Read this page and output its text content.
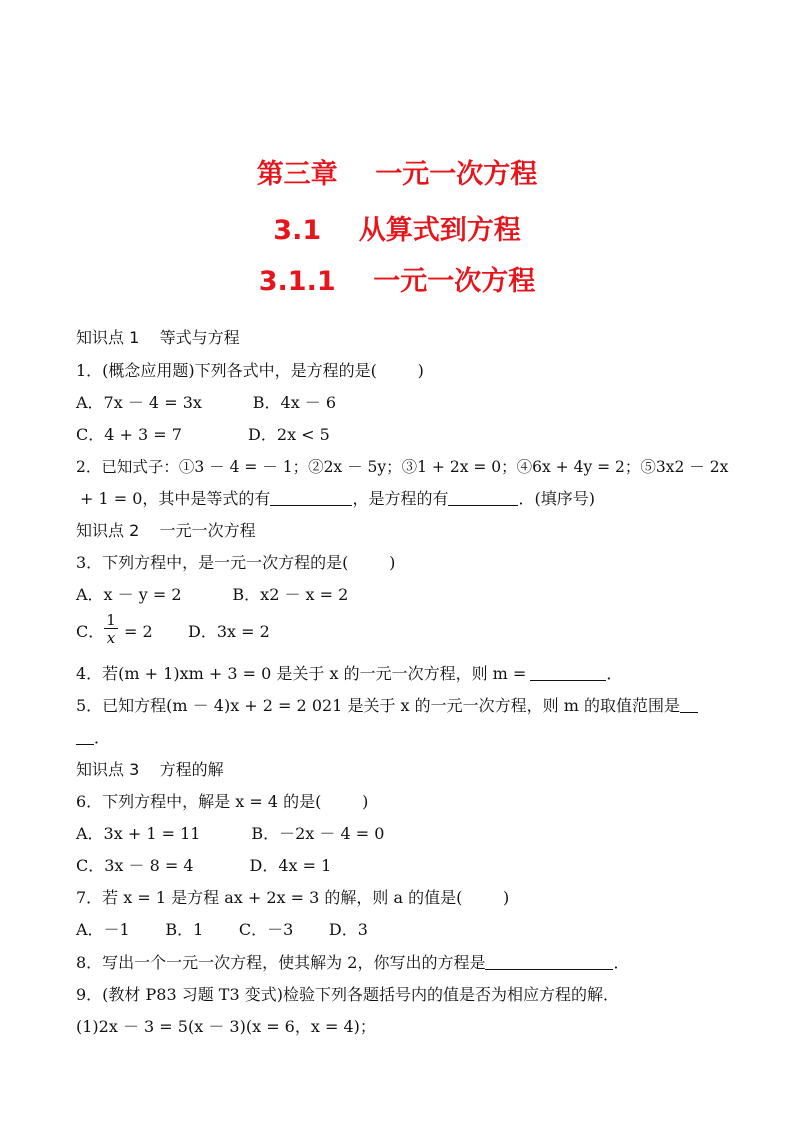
第三章    一元一次方程
3.1    从算式到方程
3.1.1    一元一次方程
知识点 1    等式与方程
1．(概念应用题)下列各式中，是方程的是(        )
A．7x － 4 = 3x          B．4x － 6
C．4 + 3 = 7             D．2x < 5
2．已知式子：①3 － 4 = － 1；②2x － 5y；③1 + 2x = 0；④6x + 4y = 2；⑤3x2 － 2x
+ 1 = 0，其中是等式的有	，是方程的有	．(填序号)
知识点 2    一元一次方程
3．下列方程中，是一元一次方程的是(        )
A．x － y = 2          B．x2 － x = 2
C．
1
x = 2 D．3x = 2
4．若(m + 1)xm + 3 = 0 是关于 x 的一元一次方程，则 m =	．
5．已知方程(m － 4)x + 2 = 2 021 是关于 x 的一元一次方程，则 m 的取值范围是
．
知识点 3    方程的解
6．下列方程中，解是 x = 4 的是(        )
A．3x + 1 = 11          B．－2x － 4 = 0
C．3x － 8 = 4           D．4x = 1
7．若 x = 1 是方程 ax + 2x = 3 的解，则 a 的值是(        )
A．－1       B．1       C．－3       D．3
8．写出一个一元一次方程，使其解为 2，你写出的方程是	．
9．(教材 P83 习题 T3 变式)检验下列各题括号内的值是否为相应方程的解．
(1)2x － 3 = 5(x － 3)(x = 6，x = 4)；
